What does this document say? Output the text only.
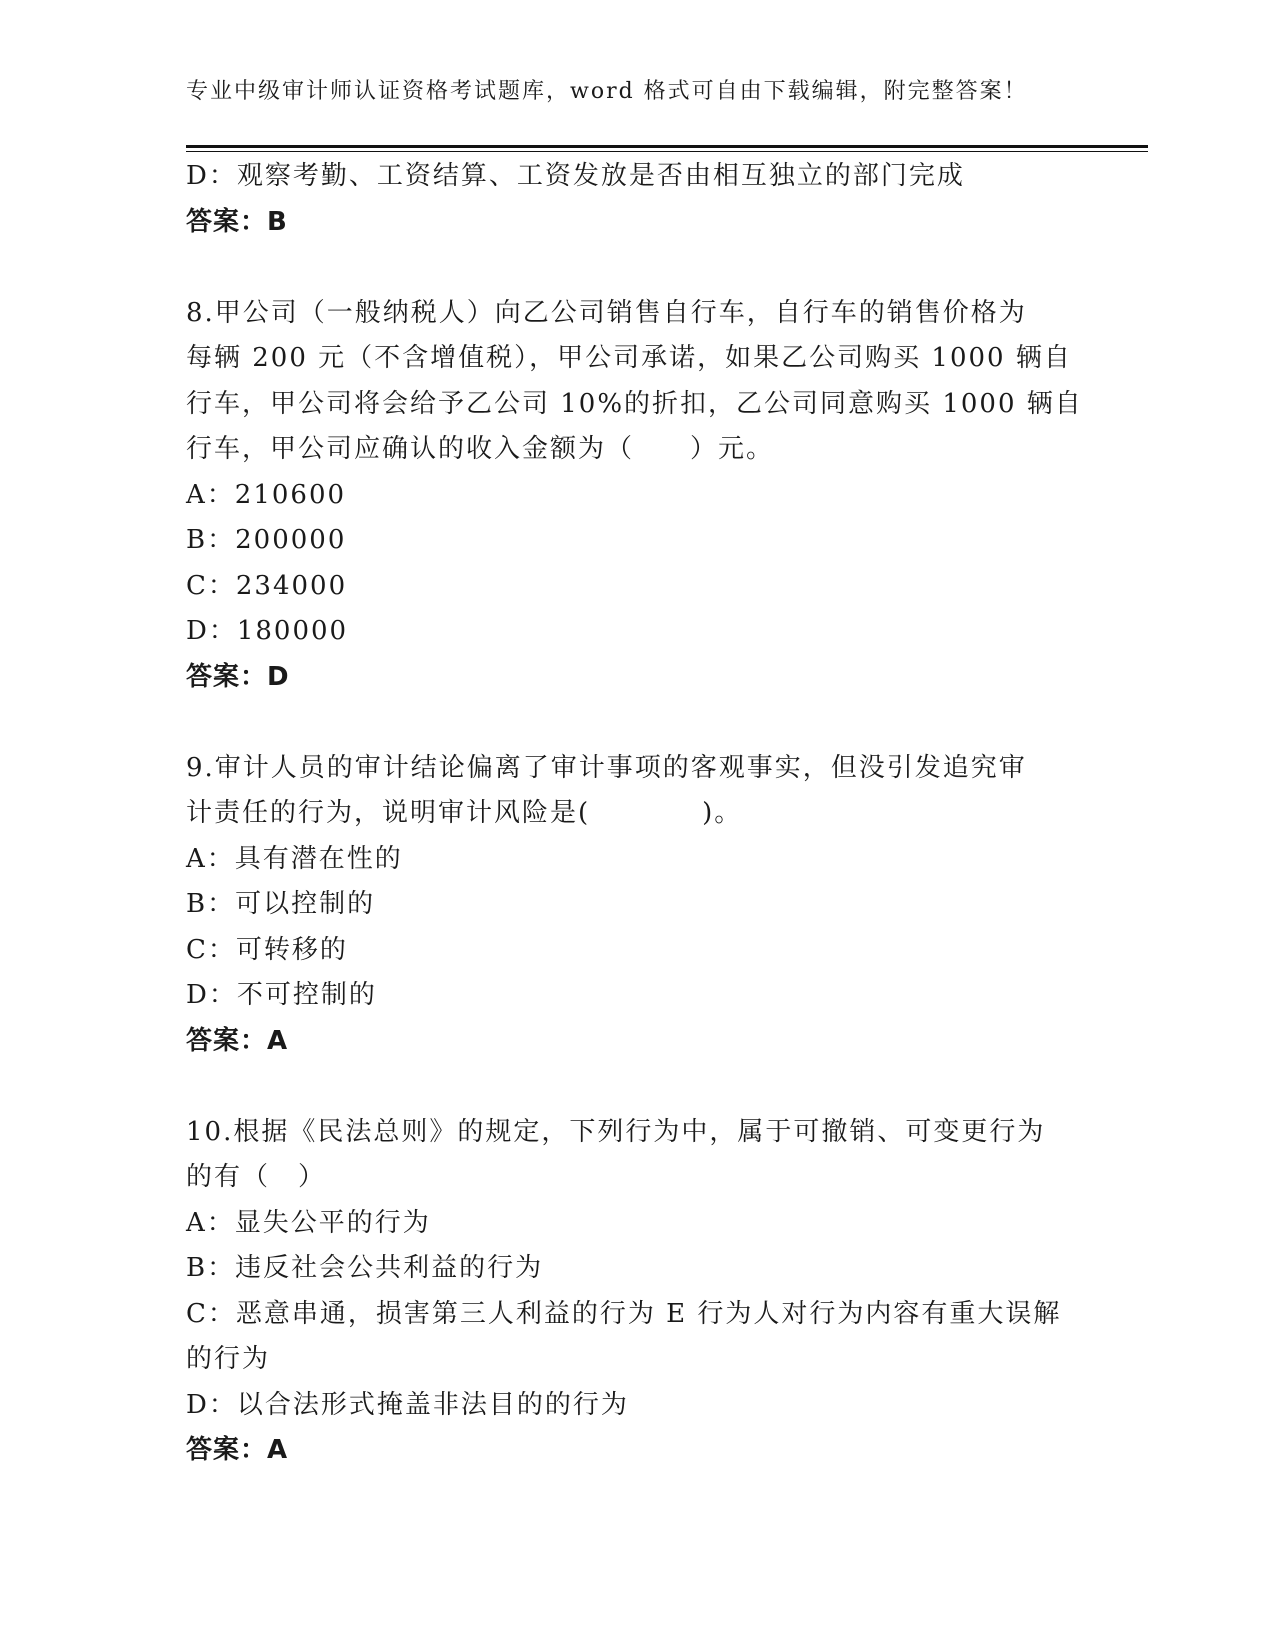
专业中级审计师认证资格考试题库，word 格式可自由下载编辑，附完整答案！
D：观察考勤、工资结算、工资发放是否由相互独立的部门完成
答案：B
8.甲公司（一般纳税人）向乙公司销售自行车，自行车的销售价格为
每辆 200 元（不含增值税），甲公司承诺，如果乙公司购买 1000 辆自
行车，甲公司将会给予乙公司 10%的折扣，乙公司同意购买 1000 辆自
行车，甲公司应确认的收入金额为（　　）元。
A：210600
B：200000
C：234000
D：180000
答案：D
9.审计人员的审计结论偏离了审计事项的客观事实，但没引发追究审
计责任的行为，说明审计风险是(　　　　)。
A：具有潜在性的
B：可以控制的
C：可转移的
D：不可控制的
答案：A
10.根据《民法总则》的规定，下列行为中，属于可撤销、可变更行为
的有（　）
A：显失公平的行为
B：违反社会公共利益的行为
C：恶意串通，损害第三人利益的行为 E 行为人对行为内容有重大误解
的行为
D：以合法形式掩盖非法目的的行为
答案：A
